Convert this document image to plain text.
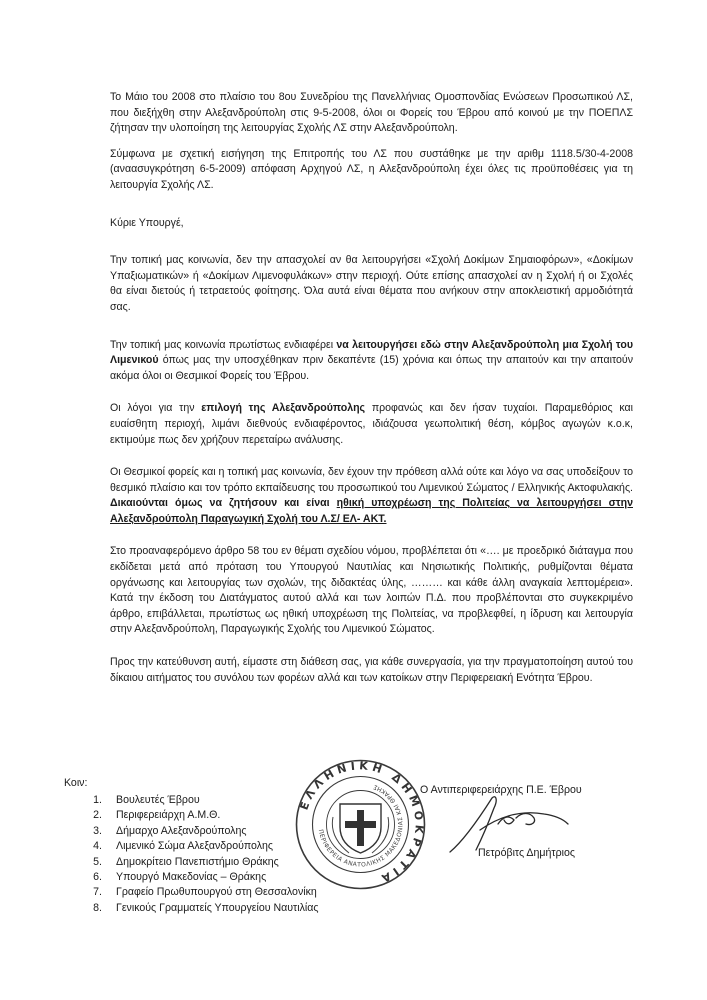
Το Μάιο του 2008 στο πλαίσιο του 8ου Συνεδρίου της Πανελλήνιας Ομοσπονδίας Ενώσεων Προσωπικού ΛΣ, που διεξήχθη στην Αλεξανδρούπολη στις 9-5-2008, όλοι οι Φορείς του Έβρου από κοινού με την ΠΟΕΠΛΣ ζήτησαν την υλοποίηση της λειτουργίας Σχολής ΛΣ στην Αλεξανδρούπολη.

Σύμφωνα με σχετική εισήγηση της Επιτροπής του ΛΣ που συστάθηκε με την αριθμ 1118.5/30-4-2008 (αναασυγκρότηση 6-5-2009) απόφαση Αρχηγού ΛΣ, η Αλεξανδρούπολη έχει όλες τις προϋποθέσεις για τη λειτουργία Σχολής ΛΣ.

Κύριε Υπουργέ,

Την τοπική μας κοινωνία, δεν την απασχολεί αν θα λειτουργήσει «Σχολή Δοκίμων Σημαιοφόρων», «Δοκίμων Υπαξιωματικών» ή «Δοκίμων Λιμενοφυλάκων» στην περιοχή. Ούτε επίσης απασχολεί αν η Σχολή ή οι Σχολές θα είναι διετούς ή τετραετούς φοίτησης. Όλα αυτά είναι θέματα που ανήκουν στην αποκλειστική αρμοδιότητά σας.

Την τοπική μας κοινωνία πρωτίστως ενδιαφέρει να λειτουργήσει εδώ στην Αλεξανδρούπολη μια Σχολή του Λιμενικού όπως μας την υποσχέθηκαν πριν δεκαπέντε (15) χρόνια και όπως την απαιτούν και την απαιτούν ακόμα όλοι οι Θεσμικοί Φορείς του Έβρου.

Οι λόγοι για την επιλογή της Αλεξανδρούπολης προφανώς και δεν ήσαν τυχαίοι. Παραμεθόριος και ευαίσθητη περιοχή, λιμάνι διεθνούς ενδιαφέροντος, ιδιάζουσα γεωπολιτική θέση, κόμβος αγωγών κ.ο.κ, εκτιμούμε πως δεν χρήζουν περεταίρω ανάλυσης.

Οι Θεσμικοί φορείς και η τοπική μας κοινωνία, δεν έχουν την πρόθεση αλλά ούτε και λόγο να σας υποδείξουν το θεσμικό πλαίσιο και τον τρόπο εκπαίδευσης του προσωπικού του Λιμενικού Σώματος / Ελληνικής Ακτοφυλακής. Δικαιούνται όμως να ζητήσουν και είναι ηθική υποχρέωση της Πολιτείας να λειτουργήσει στην Αλεξανδρούπολη Παραγωγική Σχολή του Λ.Σ/ ΕΛ- ΑΚΤ.

Στο προαναφερόμενο άρθρο 58 του εν θέματι σχεδίου νόμου, προβλέπεται ότι «…. με προεδρικό διάταγμα που εκδίδεται μετά από πρόταση του Υπουργού Ναυτιλίας και Νησιωτικής Πολιτικής, ρυθμίζονται θέματα οργάνωσης και λειτουργίας των σχολών, της διδακτέας ύλης, ……… και κάθε άλλη αναγκαία λεπτομέρεια». Κατά την έκδοση του Διατάγματος αυτού αλλά και των λοιπών Π.Δ. που προβλέπονται στο συγκεκριμένο άρθρο, επιβάλλεται, πρωτίστως ως ηθική υποχρέωση της Πολιτείας, να προβλεφθεί, η ίδρυση και λειτουργία στην Αλεξανδρούπολη, Παραγωγικής Σχολής του Λιμενικού Σώματος.

Προς την κατεύθυνση αυτή, είμαστε στη διάθεση σας, για κάθε συνεργασία, για την πραγματοποίηση αυτού του δίκαιου αιτήματος του συνόλου των φορέων αλλά και των κατοίκων στην Περιφερειακή Ενότητα Έβρου.

ΕΛΛΗΝΙΚΗ ΔΗΜΟΚΡΑΤΙΑ
ΠΕΡΙΦΕΡΕΙΑ ΑΝΑΤΟΛΙΚΗΣ ΜΑΚΕΔΟΝΙΑΣ ΚΑΙ ΘΡΑΚΗΣ	Ο Αντιπεριφερειάρχης Π.Ε. Έβρου
Πετρόβιτς Δημήτριος
Κοιν:
1.	Βουλευτές Έβρου
2.	Περιφερειάρχη Α.Μ.Θ.
3.	Δήμαρχο Αλεξανδρούπολης
4.	Λιμενικό Σώμα Αλεξανδρούπολης
5.	Δημοκρίτειο Πανεπιστήμιο Θράκης
6.	Υπουργό Μακεδονίας – Θράκης
7.	Γραφείο Πρωθυπουργού στη Θεσσαλονίκη
8.	Γενικούς Γραμματείς Υπουργείου Ναυτιλίας
